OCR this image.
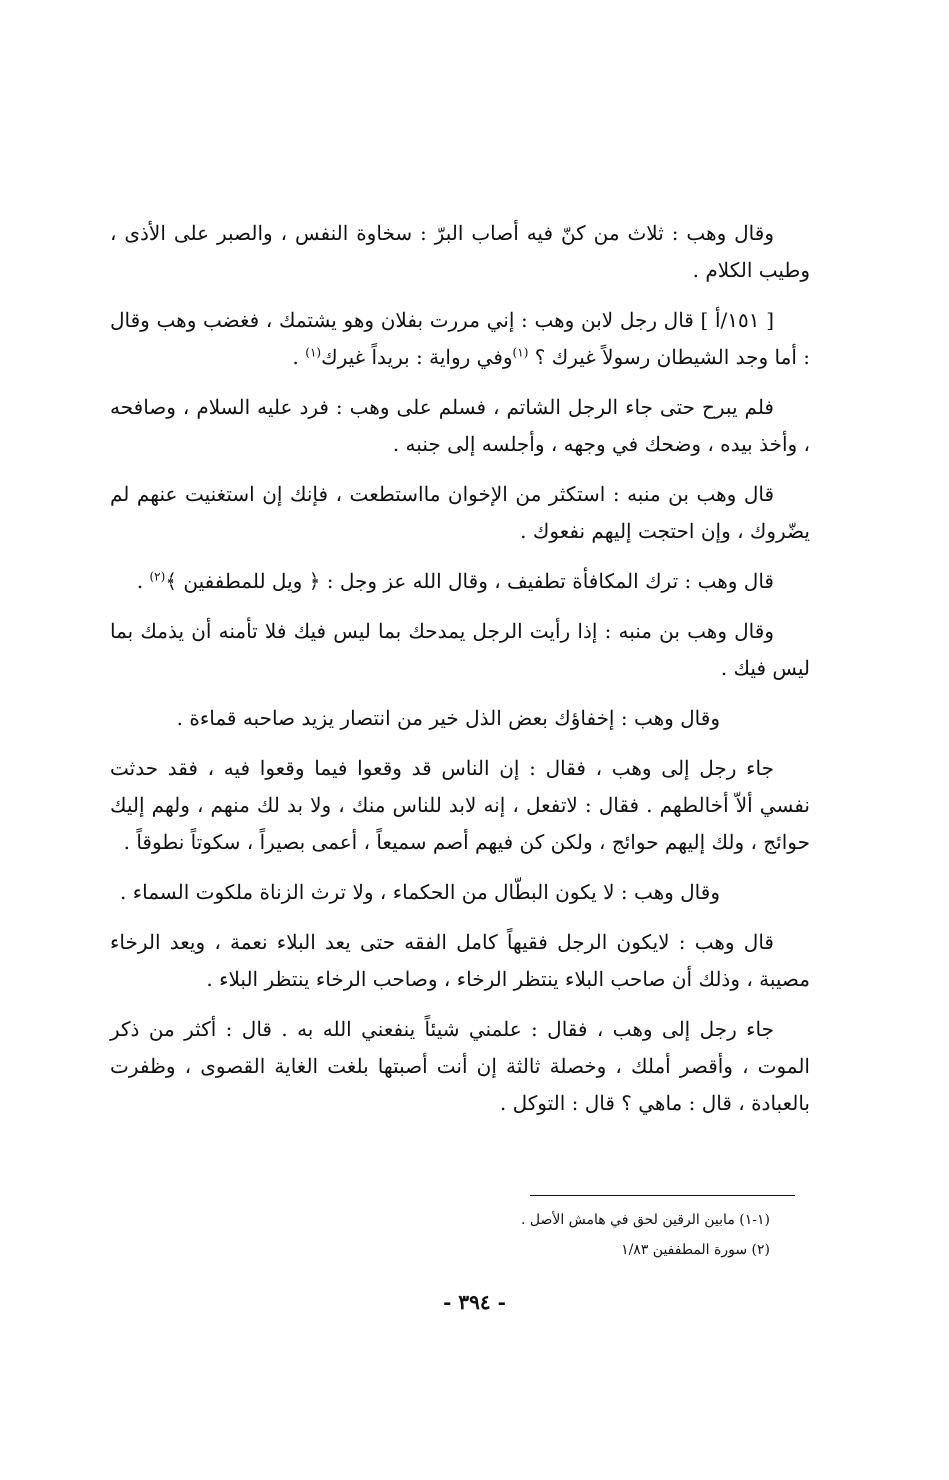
وقال وهب : ثلاث من كنّ فيه أصاب البرّ : سخاوة النفس ، والصبر على الأذى ، وطيب الكلام .

[ ١٥١/أ ] قال رجل لابن وهب : إني مررت بفلان وهو يشتمك ، فغضب وهب وقال : أما وجد الشيطان رسولاً غيرك ؟ $^{(١)}$وفي رواية : بريداً غيرك$^{(١)}$ .

فلم يبرح حتى جاء الرجل الشاتم ، فسلم على وهب : فرد عليه السلام ، وصافحه ، وأخذ بيده ، وضحك في وجهه ، وأجلسه إلى جنبه .

قال وهب بن منبه : استكثر من الإخوان مااستطعت ، فإنك إن استغنيت عنهم لم يضّروك ، وإن احتجت إليهم نفعوك .

قال وهب : ترك المكافأة تطفيف ، وقال الله عز وجل : ﴿ ويل للمطففين ﴾$^{(٢)}$ .

وقال وهب بن منبه : إذا رأيت الرجل يمدحك بما ليس فيك فلا تأمنه أن يذمك بما ليس فيك .

وقال وهب : إخفاؤك بعض الذل خير من انتصار يزيد صاحبه قماءة .

جاء رجل إلى وهب ، فقال : إن الناس قد وقعوا فيما وقعوا فيه ، فقد حدثت نفسي ألاّ أخالطهم . فقال : لاتفعل ، إنه لابد للناس منك ، ولا بد لك منهم ، ولهم إليك حوائج ، ولك إليهم حوائج ، ولكن كن فيهم أصم سميعاً ، أعمى بصيراً ، سكوتاً نطوقاً .

وقال وهب : لا يكون البطّال من الحكماء ، ولا ترث الزناة ملكوت السماء .

قال وهب : لايكون الرجل فقيهاً كامل الفقه حتى يعد البلاء نعمة ، ويعد الرخاء مصيبة ، وذلك أن صاحب البلاء ينتظر الرخاء ، وصاحب الرخاء ينتظر البلاء .

جاء رجل إلى وهب ، فقال : علمني شيئاً ينفعني الله به . قال : أكثر من ذكر الموت ، وأقصر أملك ، وخصلة ثالثة إن أنت أصبتها بلغت الغاية القصوى ، وظفرت بالعبادة ، قال : ماهي ؟ قال : التوكل .

(١-١) مابين الرقين لحق في هامش الأصل .

(٢) سورة المطففين ١/٨٣

- ٣٩٤ -
